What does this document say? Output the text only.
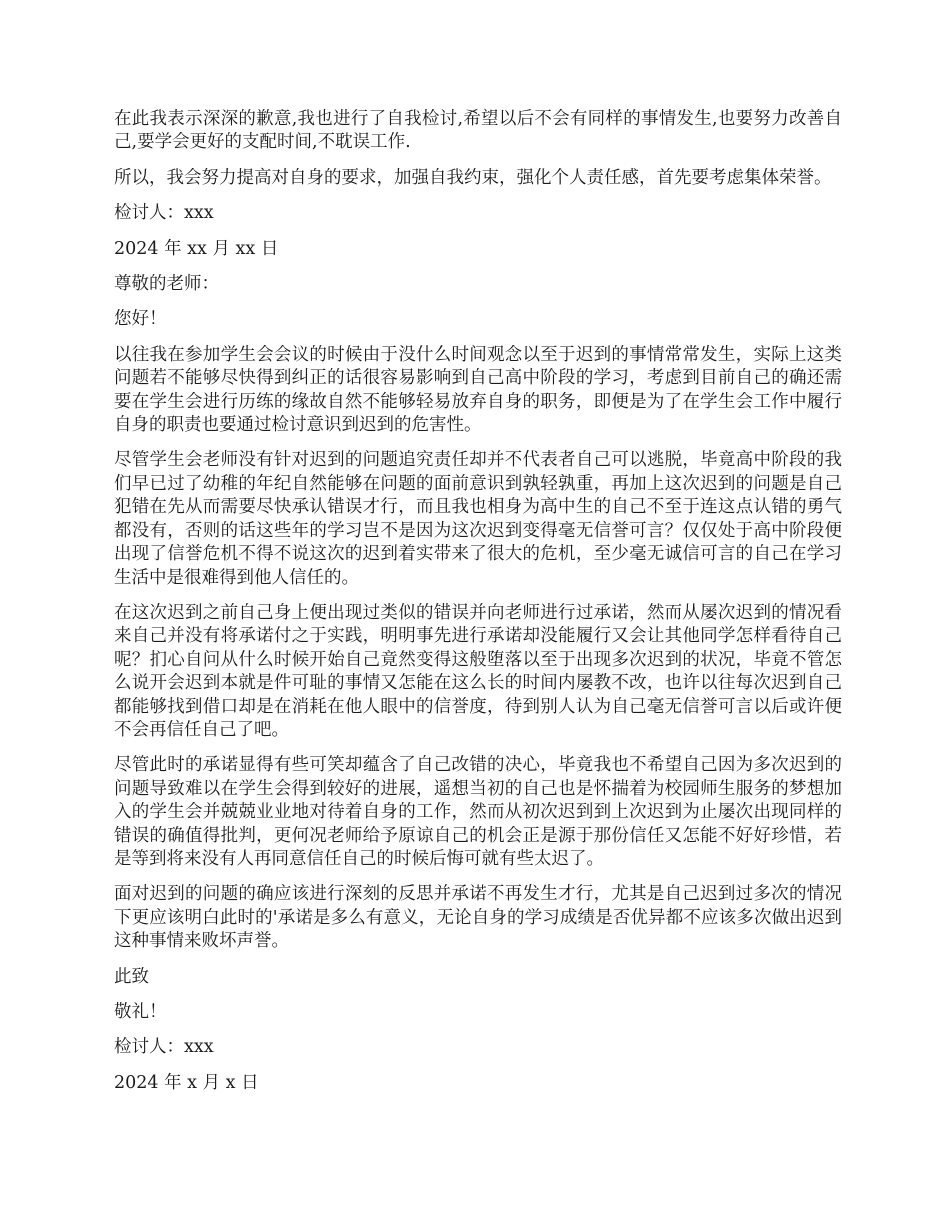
在此我表示深深的歉意,我也进行了自我检讨,希望以后不会有同样的事情发生,也要努力改善自己,要学会更好的支配时间,不耽误工作.

所以，我会努力提高对自身的要求，加强自我约束，强化个人责任感，首先要考虑集体荣誉。

检讨人：xxx

2024 年 xx 月 xx 日

尊敬的老师：

您好！

以往我在参加学生会会议的时候由于没什么时间观念以至于迟到的事情常常发生，实际上这类问题若不能够尽快得到纠正的话很容易影响到自己高中阶段的学习，考虑到目前自己的确还需要在学生会进行历练的缘故自然不能够轻易放弃自身的职务，即便是为了在学生会工作中履行自身的职责也要通过检讨意识到迟到的危害性。

尽管学生会老师没有针对迟到的问题追究责任却并不代表者自己可以逃脱，毕竟高中阶段的我们早已过了幼稚的年纪自然能够在问题的面前意识到孰轻孰重，再加上这次迟到的问题是自己犯错在先从而需要尽快承认错误才行，而且我也相身为高中生的自己不至于连这点认错的勇气都没有，否则的话这些年的学习岂不是因为这次迟到变得毫无信誉可言？仅仅处于高中阶段便出现了信誉危机不得不说这次的迟到着实带来了很大的危机，至少毫无诚信可言的自己在学习生活中是很难得到他人信任的。

在这次迟到之前自己身上便出现过类似的错误并向老师进行过承诺，然而从屡次迟到的情况看来自己并没有将承诺付之于实践，明明事先进行承诺却没能履行又会让其他同学怎样看待自己呢？扪心自问从什么时候开始自己竟然变得这般堕落以至于出现多次迟到的状况，毕竟不管怎么说开会迟到本就是件可耻的事情又怎能在这么长的时间内屡教不改，也许以往每次迟到自己都能够找到借口却是在消耗在他人眼中的信誉度，待到别人认为自己毫无信誉可言以后或许便不会再信任自己了吧。

尽管此时的承诺显得有些可笑却蕴含了自己改错的决心，毕竟我也不希望自己因为多次迟到的问题导致难以在学生会得到较好的进展，遥想当初的自己也是怀揣着为校园师生服务的梦想加入的学生会并兢兢业业地对待着自身的工作，然而从初次迟到到上次迟到为止屡次出现同样的错误的确值得批判，更何况老师给予原谅自己的机会正是源于那份信任又怎能不好好珍惜，若是等到将来没有人再同意信任自己的时候后悔可就有些太迟了。

面对迟到的问题的确应该进行深刻的反思并承诺不再发生才行，尤其是自己迟到过多次的情况下更应该明白此时的'承诺是多么有意义，无论自身的学习成绩是否优异都不应该多次做出迟到这种事情来败坏声誉。

此致

敬礼！

检讨人：xxx

2024 年 x 月 x 日
